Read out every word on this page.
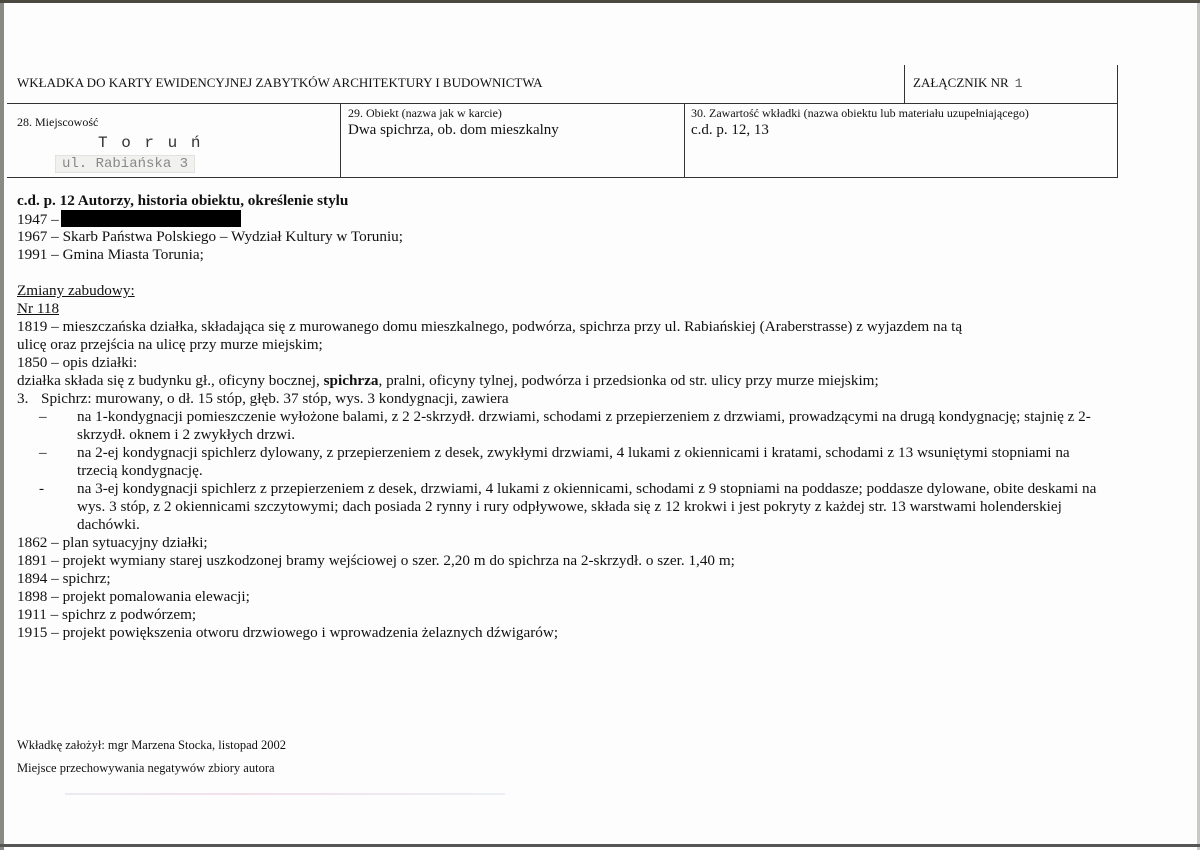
WKŁADKA DO KARTY EWIDENCYJNEJ ZABYTKÓW ARCHITEKTURY I BUDOWNICTWA	ZAŁĄCZNIK NR 1
28. Miejscowość
T o r u ń
ul. Rabiańska 3
29. Obiekt (nazwa jak w karcie)
Dwa spichrza, ob. dom mieszkalny
30. Zawartość wkładki (nazwa obiektu lub materiału uzupełniającego)
c.d. p. 12, 13
c.d. p. 12 Autorzy, historia obiektu, określenie stylu
1947 –
1967 – Skarb Państwa Polskiego – Wydział Kultury w Toruniu;
1991 – Gmina Miasta Torunia;
Zmiany zabudowy:
Nr 118
1819 – mieszczańska działka, składająca się z murowanego domu mieszkalnego, podwórza, spichrza przy ul. Rabiańskiej (Araberstrasse) z wyjazdem na tą
ulicę oraz przejścia na ulicę przy murze miejskim;
1850 – opis działki:
działka składa się z budynku gł., oficyny bocznej, spichrza, pralni, oficyny tylnej, podwórza i przedsionka od str. ulicy przy murze miejskim;
3. Spichrz: murowany, o dł. 15 stóp, głęb. 37 stóp, wys. 3 kondygnacji, zawiera
– na 1-kondygnacji pomieszczenie wyłożone balami, z 2 2-skrzydł. drzwiami, schodami z przepierzeniem z drzwiami, prowadzącymi na drugą kondygnację; stajnię z 2-skrzydł. oknem i 2 zwykłych drzwi.
– na 2-ej kondygnacji spichlerz dylowany, z przepierzeniem z desek, zwykłymi drzwiami, 4 lukami z okiennicami i kratami, schodami z 13 wsuniętymi stopniami na trzecią kondygnację.
- na 3-ej kondygnacji spichlerz z przepierzeniem z desek, drzwiami, 4 lukami z okiennicami, schodami z 9 stopniami na poddasze; poddasze dylowane, obite deskami na wys. 3 stóp, z 2 okiennicami szczytowymi; dach posiada 2 rynny i rury odpływowe, składa się z 12 krokwi i jest pokryty z każdej str. 13 warstwami holenderskiej dachówki.
1862 – plan sytuacyjny działki;
1891 – projekt wymiany starej uszkodzonej bramy wejściowej o szer. 2,20 m do spichrza na 2-skrzydł. o szer. 1,40 m;
1894 – spichrz;
1898 – projekt pomalowania elewacji;
1911 – spichrz z podwórzem;
1915 – projekt powiększenia otworu drzwiowego i wprowadzenia żelaznych dźwigarów;
Wkładkę założył: mgr Marzena Stocka, listopad 2002
Miejsce przechowywania negatywów zbiory autora
